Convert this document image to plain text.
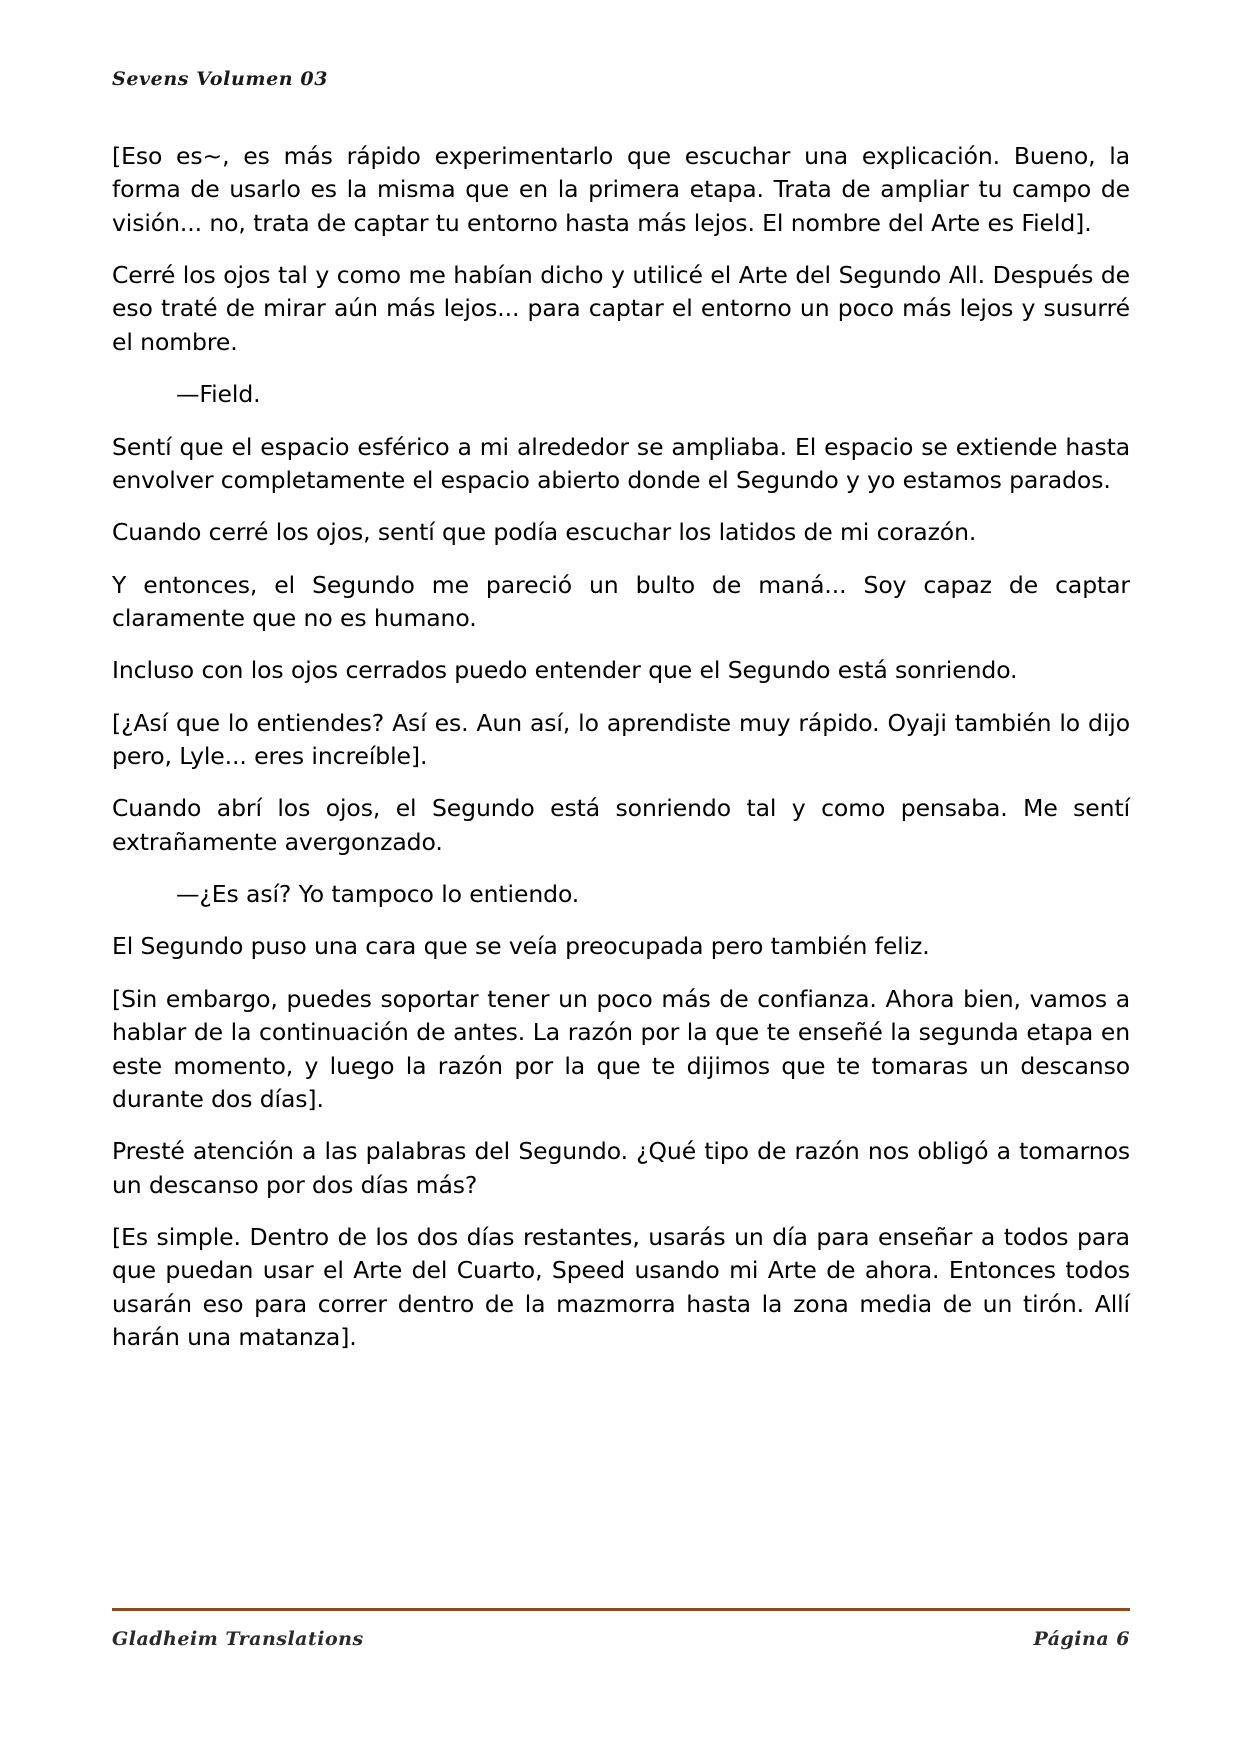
Sevens Volumen 03

[Eso es~, es más rápido experimentarlo que escuchar una explicación. Bueno, la forma de usarlo es la misma que en la primera etapa. Trata de ampliar tu campo de visión... no, trata de captar tu entorno hasta más lejos. El nombre del Arte es Field].

Cerré los ojos tal y como me habían dicho y utilicé el Arte del Segundo All. Después de eso traté de mirar aún más lejos... para captar el entorno un poco más lejos y susurré el nombre.

—Field.

Sentí que el espacio esférico a mi alrededor se ampliaba. El espacio se extiende hasta envolver completamente el espacio abierto donde el Segundo y yo estamos parados.

Cuando cerré los ojos, sentí que podía escuchar los latidos de mi corazón.

Y entonces, el Segundo me pareció un bulto de maná... Soy capaz de captar claramente que no es humano.

Incluso con los ojos cerrados puedo entender que el Segundo está sonriendo.

[¿Así que lo entiendes? Así es. Aun así, lo aprendiste muy rápido. Oyaji también lo dijo pero, Lyle... eres increíble].

Cuando abrí los ojos, el Segundo está sonriendo tal y como pensaba. Me sentí extrañamente avergonzado.

—¿Es así? Yo tampoco lo entiendo.

El Segundo puso una cara que se veía preocupada pero también feliz.

[Sin embargo, puedes soportar tener un poco más de confianza. Ahora bien, vamos a hablar de la continuación de antes. La razón por la que te enseñé la segunda etapa en este momento, y luego la razón por la que te dijimos que te tomaras un descanso durante dos días].

Presté atención a las palabras del Segundo. ¿Qué tipo de razón nos obligó a tomarnos un descanso por dos días más?

[Es simple. Dentro de los dos días restantes, usarás un día para enseñar a todos para que puedan usar el Arte del Cuarto, Speed usando mi Arte de ahora. Entonces todos usarán eso para correr dentro de la mazmorra hasta la zona media de un tirón. Allí harán una matanza].

Gladheim Translations	Página 6
